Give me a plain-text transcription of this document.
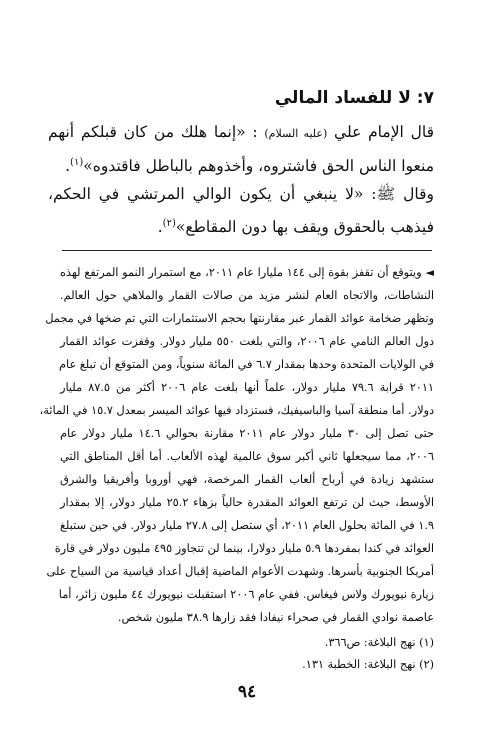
٧: لا للفساد المالي

قال الإمام علي (عليه السلام) : «إنما هلك من كان قبلكم أنهم منعوا الناس الحق فاشتروه، وأخذوهم بالباطل فاقتدوه»$^{(١)}$.

وقال ﷺ: «لا ينبغي أن يكون الوالي المرتشي في الحكم، فيذهب بالحقوق ويقف بها دون المقاطع»$^{(٢)}$.

◄ويتوقع أن تقفز بقوة إلى ١٤٤ مليارا عام ٢٠١١، مع استمرار النمو المرتفع لهذه
النشاطات، والاتجاه العام لنشر مزيد من صالات القمار والملاهي حول العالم.
وتظهر ضخامة عوائد القمار عبر مقارنتها بحجم الاستثمارات التي تم ضخها في مجمل
دول العالم النامي عام ٢٠٠٦، والتي بلغت ٥٥٠ مليار دولار. وقفزت عوائد القمار
في الولايات المتحدة وحدها بمقدار ٦.٧ في المائة سنوياً، ومن المتوقع أن تبلغ عام
٢٠١١ قرابة ٧٩.٦ مليار دولار، علماً أنها بلغت عام ٢٠٠٦ أكثر من ٨٧.٥ مليار
دولار. أما منطقة آسيا والباسيفيك، فستزداد فيها عوائد الميسر بمعدل ١٥.٧ في المائة،
حتى تصل إلى ٣٠ مليار دولار عام ٢٠١١ مقارنة بحوالي ١٤.٦ مليار دولار عام
٢٠٠٦، مما سيجعلها ثاني أكبر سوق عالمية لهذه الألعاب. أما أقل المناطق التي
ستشهد زيادة في أرباح ألعاب القمار المرخصة، فهي أوروبا وأفريقيا والشرق
الأوسط، حيث لن ترتفع العوائد المقدرة حالياً بزهاء ٢٥.٢ مليار دولار، إلا بمقدار
١.٩ في المائة بحلول العام ٢٠١١، أي ستصل إلى ٢٧.٨ مليار دولار. في حين ستبلغ
العوائد في كندا بمفردها ٥.٩ مليار دولارا، بينما لن تتجاوز ٤٩٥ مليون دولار في قارة
أمريكا الجنوبية بأسرها. وشهدت الأعوام الماضية إقبال أعداد قياسية من السياح على
زيارة نيويورك ولاس فيغاس. ففي عام ٢٠٠٦ استقبلت نيويورك ٤٤ مليون زائر، أما
عاصمة نوادي القمار في صحراء نيفادا فقد زارها ٣٨.٩ مليون شخص.

(١) نهج البلاغة: ص٣٦٦.

(٢) نهج البلاغة: الخطبة ١٣١.

٩٤
